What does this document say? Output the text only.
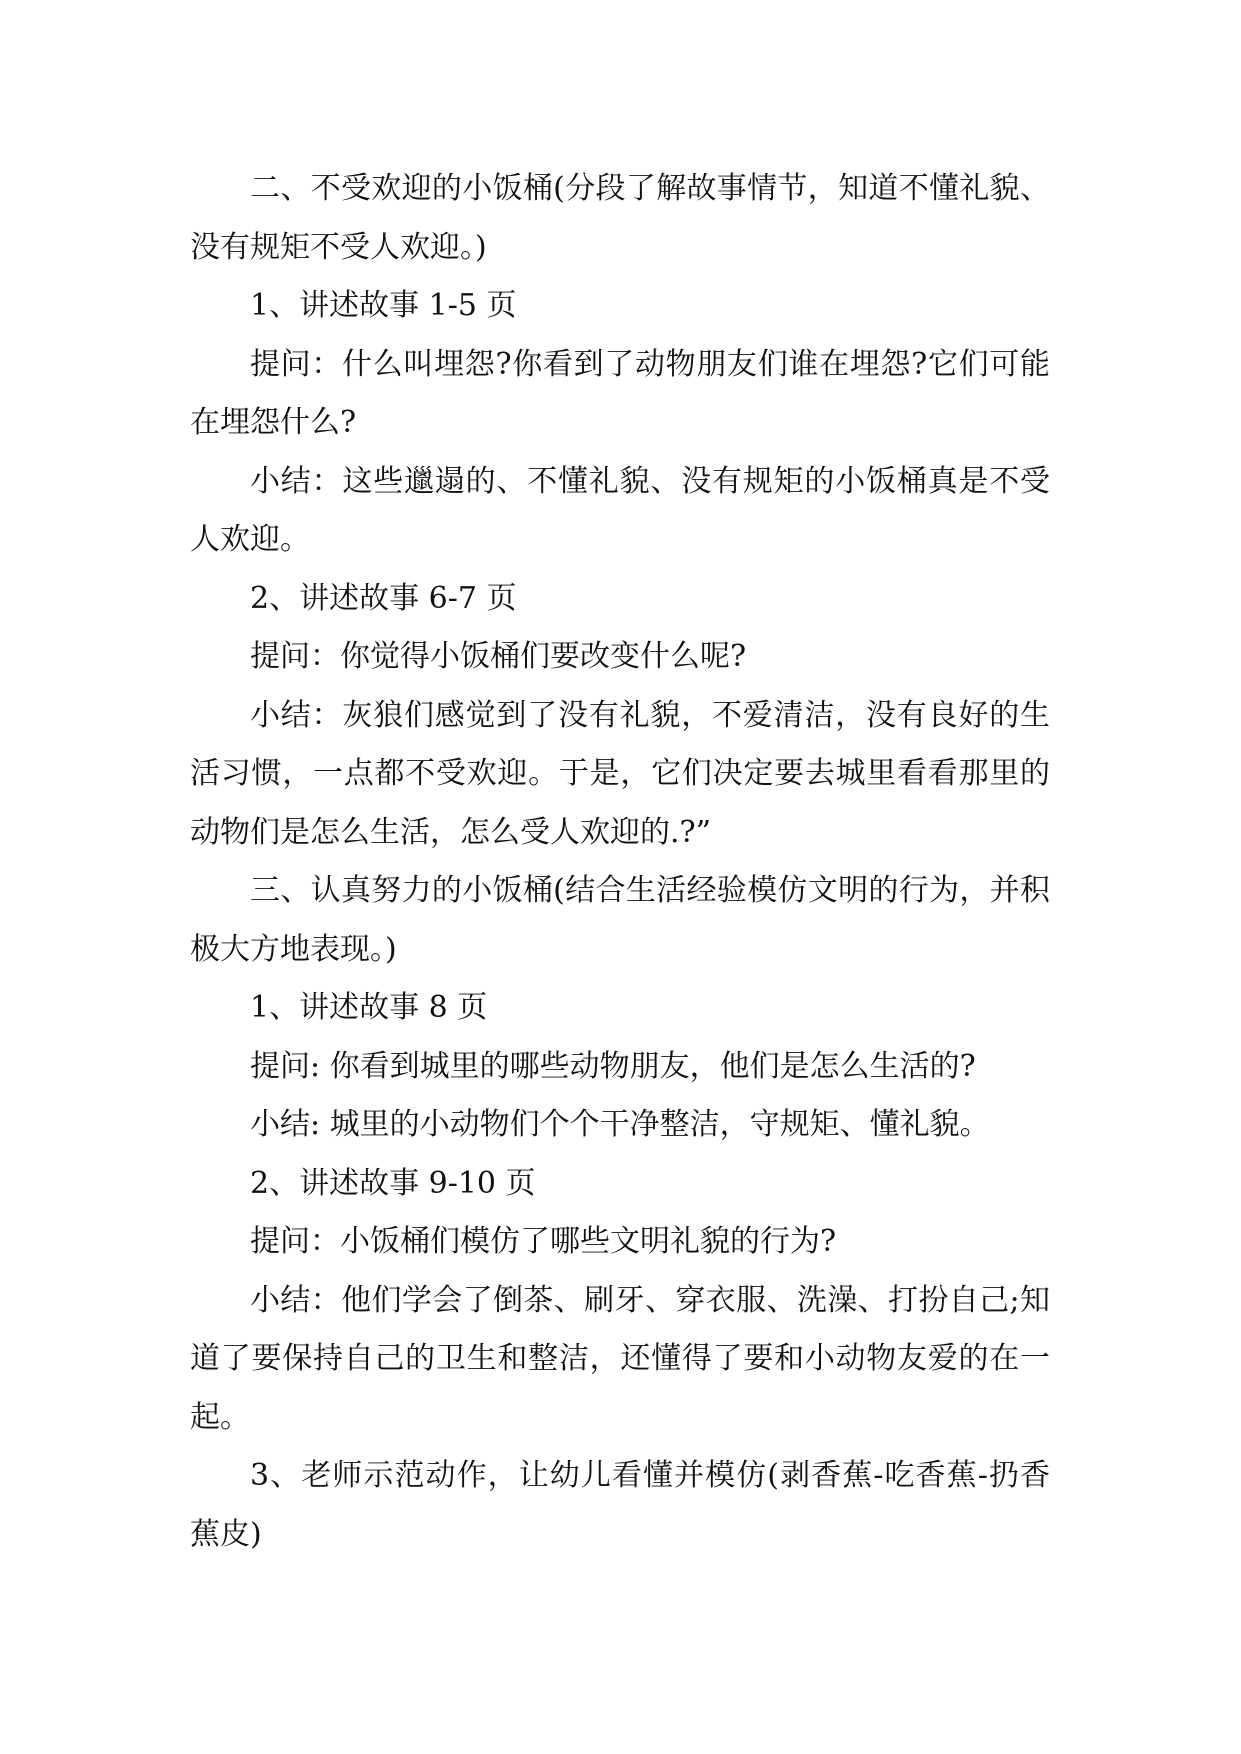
二、不受欢迎的小饭桶(分段了解故事情节，知道不懂礼貌、没有规矩不受人欢迎。)

1、讲述故事 1-5 页

提问：什么叫埋怨?你看到了动物朋友们谁在埋怨?它们可能在埋怨什么?

小结：这些邋遢的、不懂礼貌、没有规矩的小饭桶真是不受人欢迎。

2、讲述故事 6-7 页

提问：你觉得小饭桶们要改变什么呢?

小结：灰狼们感觉到了没有礼貌，不爱清洁，没有良好的生活习惯，一点都不受欢迎。于是，它们决定要去城里看看那里的动物们是怎么生活，怎么受人欢迎的.?”

三、认真努力的小饭桶(结合生活经验模仿文明的行为，并积极大方地表现。)

1、讲述故事 8 页

提问: 你看到城里的哪些动物朋友，他们是怎么生活的?

小结: 城里的小动物们个个干净整洁，守规矩、懂礼貌。

2、讲述故事 9-10 页

提问：小饭桶们模仿了哪些文明礼貌的行为?

小结：他们学会了倒茶、刷牙、穿衣服、洗澡、打扮自己;知道了要保持自己的卫生和整洁，还懂得了要和小动物友爱的在一起。

3、老师示范动作，让幼儿看懂并模仿(剥香蕉-吃香蕉-扔香蕉皮)
